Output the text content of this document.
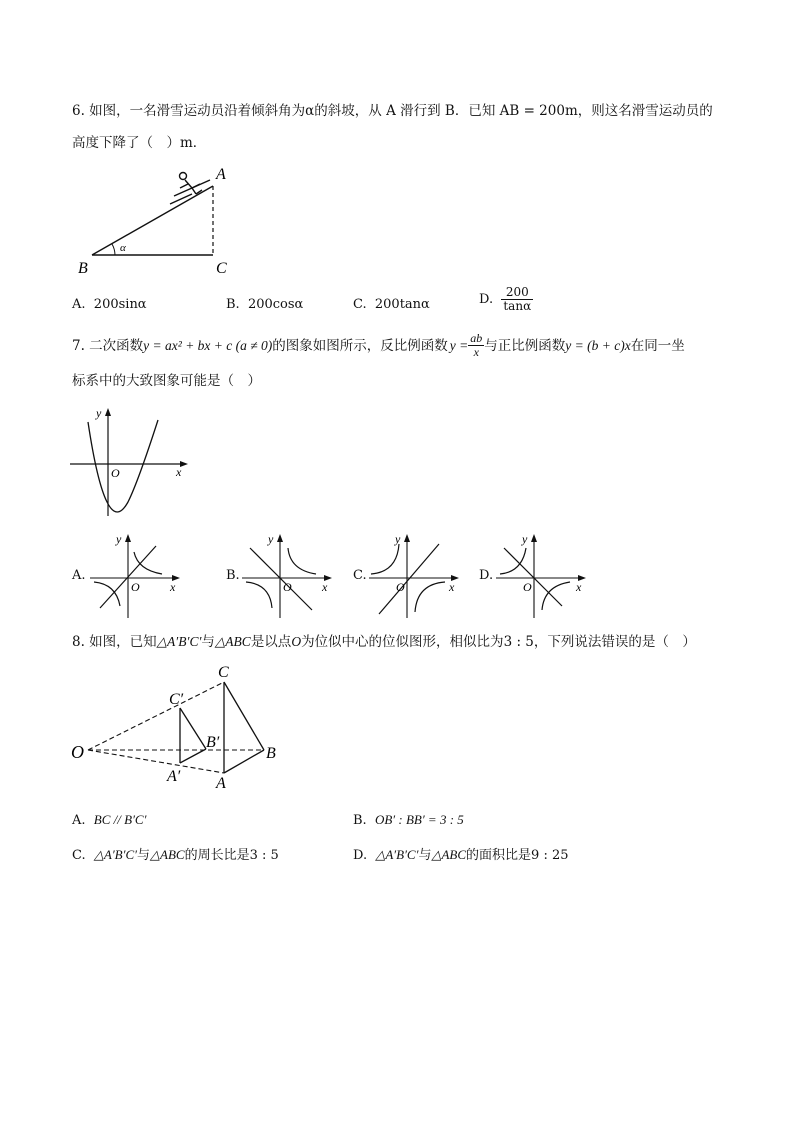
6. 如图，一名滑雪运动员沿着倾斜角为α的斜坡，从 A 滑行到 B．已知 AB = 200m，则这名滑雪运动员的
高度下降了（　）m．
A
B	C
α
A. 200sinα	B. 200cosα	C. 200tanα	D. $\frac{200}{\tan\alpha}$
7. 二次函数 y = ax² + bx + c (a ≠ 0) 的图象如图所示，反比例函数 $y = \frac{ab}{x}$ 与正比例函数 y = (b + c)x 在同一坐
标系中的大致图象可能是（　）
y
x
O
A.
y
x
O
B.
y
x
O
C.
y
x
O
D.
y
x
O
8. 如图，已知△A′B′C′与△ABC是以点O为位似中心的位似图形，相似比为3 : 5，下列说法错误的是（　）
O
C
B
A
C′
B′
A′
A. BC // B′C′	B. OB′ : BB′ = 3 : 5
C. △A′B′C′与△ABC的周长比是3 : 5	D. △A′B′C′与△ABC的面积比是9 : 25
